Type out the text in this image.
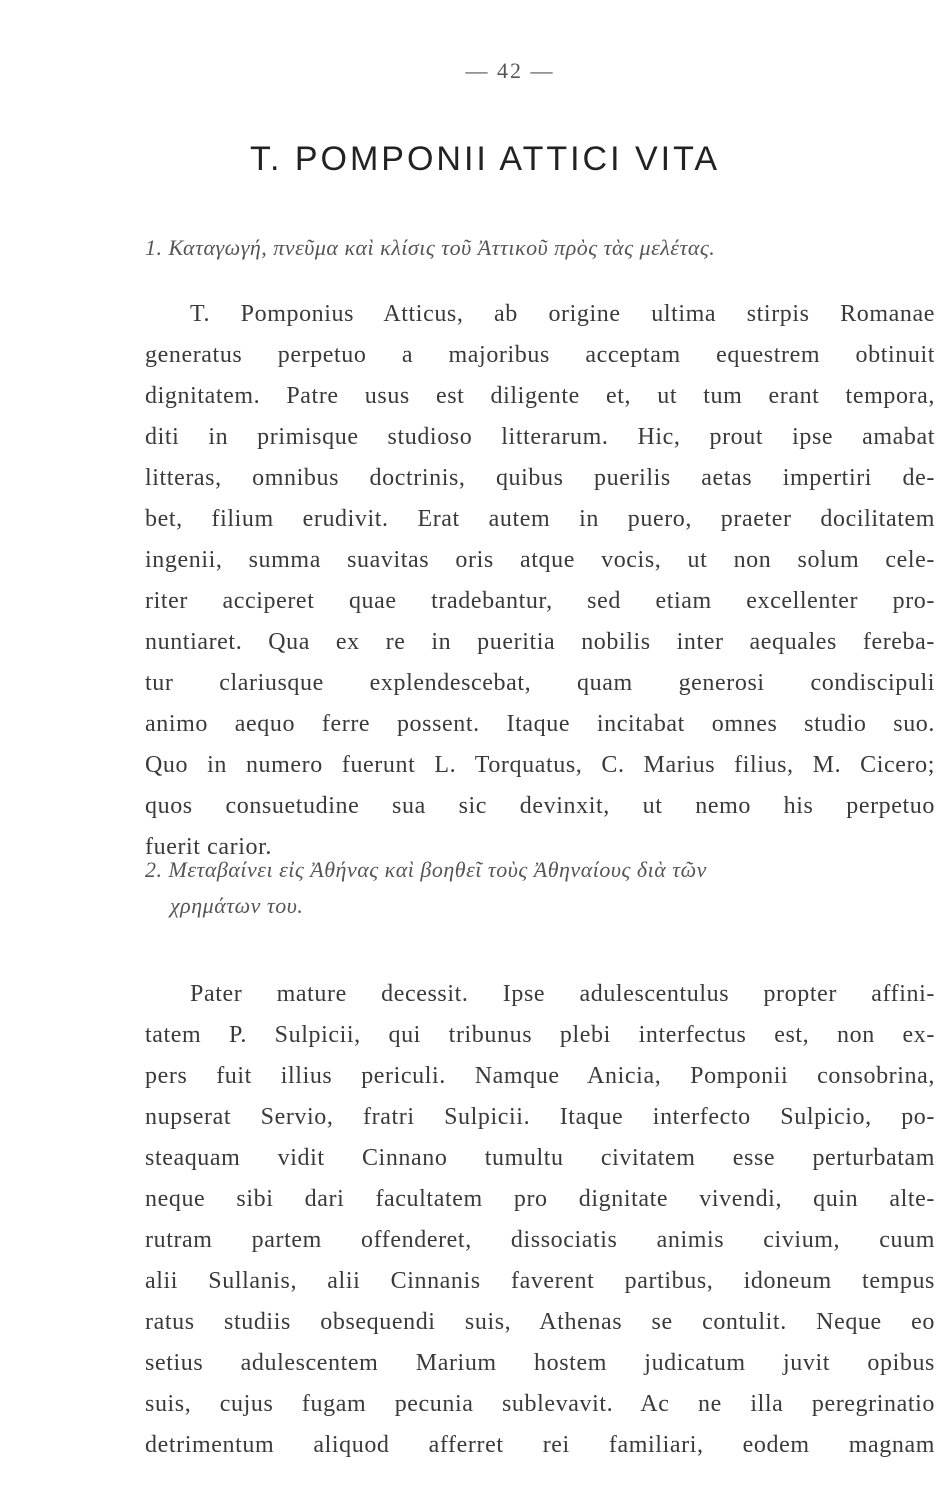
— 42 —
T. POMPONII ATTICI VITA
1. Καταγωγή, πνεῦμα καὶ κλίσις τοῦ Ἀττικοῦ πρὸς τὰς μελέτας.
T. Pomponius Atticus, ab origine ultima stirpis Romanae
generatus perpetuo a majoribus acceptam equestrem obtinuit
dignitatem. Patre usus est diligente et, ut tum erant tempora,
diti in primisque studioso litterarum. Hic, prout ipse amabat
litteras, omnibus doctrinis, quibus puerilis aetas impertiri de-
bet, filium erudivit. Erat autem in puero, praeter docilitatem
ingenii, summa suavitas oris atque vocis, ut non solum cele-
riter acciperet quae tradebantur, sed etiam excellenter pro-
nuntiaret. Qua ex re in pueritia nobilis inter aequales fereba-
tur clariusque explendescebat, quam generosi condiscipuli
animo aequo ferre possent. Itaque incitabat omnes studio suo.
Quo in numero fuerunt L. Torquatus, C. Marius filius, M. Cicero;
quos consuetudine sua sic devinxit, ut nemo his perpetuo
fuerit carior.
2. Μεταβαίνει εἰς Ἀθήνας καὶ βοηθεῖ τοὺς Ἀθηναίους διὰ τῶν
χρημάτων του.
Pater mature decessit. Ipse adulescentulus propter affini-
tatem P. Sulpicii, qui tribunus plebi interfectus est, non ex-
pers fuit illius periculi. Namque Anicia, Pomponii consobrina,
nupserat Servio, fratri Sulpicii. Itaque interfecto Sulpicio, po-
steaquam vidit Cinnano tumultu civitatem esse perturbatam
neque sibi dari facultatem pro dignitate vivendi, quin alte-
rutram partem offenderet, dissociatis animis civium, cuum
alii Sullanis, alii Cinnanis faverent partibus, idoneum tempus
ratus studiis obsequendi suis, Athenas se contulit. Neque eo
setius adulescentem Marium hostem judicatum juvit opibus
suis, cujus fugam pecunia sublevavit. Ac ne illa peregrinatio
detrimentum aliquod afferret rei familiari, eodem magnam
